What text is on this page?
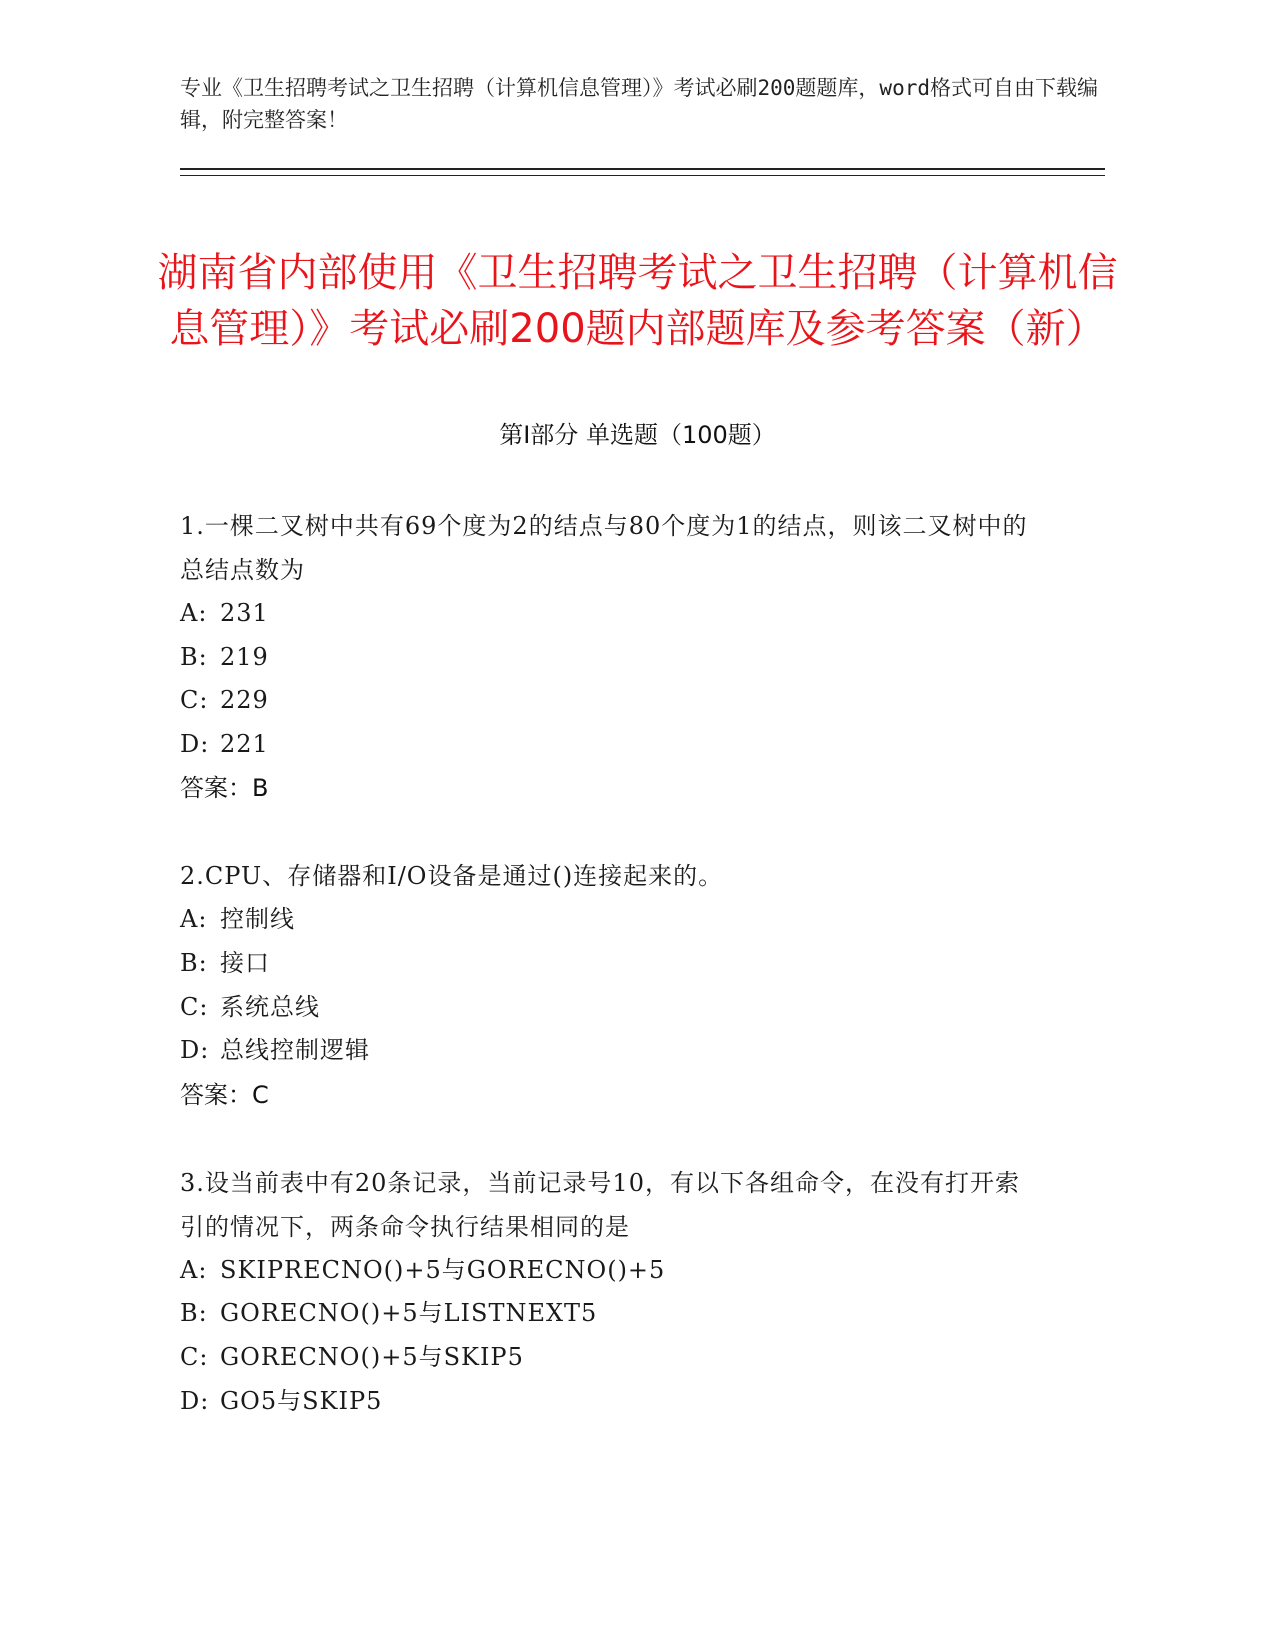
专业《卫生招聘考试之卫生招聘（计算机信息管理）》考试必刷200题题库，word格式可自由下载编辑，附完整答案！
湖南省内部使用《卫生招聘考试之卫生招聘（计算机信息管理）》考试必刷200题内部题库及参考答案（新）
第Ⅰ部分 单选题（100题）
1.一棵二叉树中共有69个度为2的结点与80个度为1的结点，则该二叉树中的总结点数为
A: 231
B: 219
C: 229
D: 221
答案：B
2.CPU、存储器和I/O设备是通过()连接起来的。
A: 控制线
B: 接口
C: 系统总线
D: 总线控制逻辑
答案：C
3.设当前表中有20条记录，当前记录号10，有以下各组命令，在没有打开索引的情况下，两条命令执行结果相同的是
A: SKIPRECNO()+5与GORECNO()+5
B: GORECNO()+5与LISTNEXT5
C: GORECNO()+5与SKIP5
D: GO5与SKIP5
